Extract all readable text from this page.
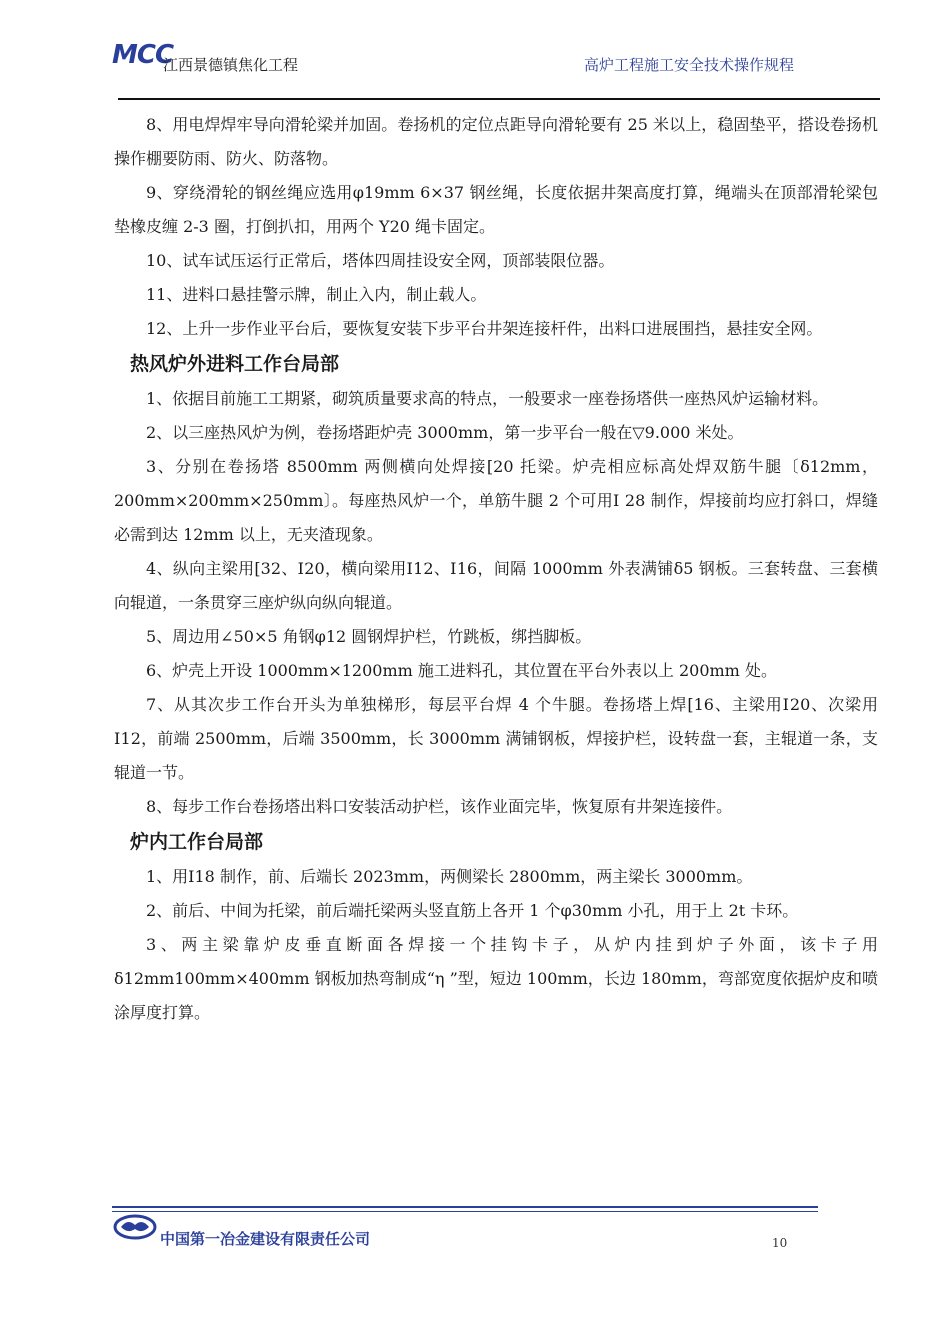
MCC
江西景德镇焦化工程	高炉工程施工安全技术操作规程

8、用电焊焊牢导向滑轮梁并加固。卷扬机的定位点距导向滑轮要有 25 米以上，稳固垫平，搭设卷扬机操作棚要防雨、防火、防落物。

9、穿绕滑轮的钢丝绳应选用φ19mm 6×37 钢丝绳，长度依据井架高度打算，绳端头在顶部滑轮梁包垫橡皮缠 2-3 圈，打倒扒扣，用两个 Y20 绳卡固定。

10、试车试压运行正常后，塔体四周挂设安全网，顶部装限位器。

11、进料口悬挂警示牌，制止入内，制止载人。

12、上升一步作业平台后，要恢复安装下步平台井架连接杆件，出料口进展围挡，悬挂安全网。

热风炉外进料工作台局部

1、依据目前施工工期紧，砌筑质量要求高的特点，一般要求一座卷扬塔供一座热风炉运输材料。

2、以三座热风炉为例，卷扬塔距炉壳 3000mm，第一步平台一般在▽9.000 米处。

3、分别在卷扬塔 8500mm 两侧横向处焊接[20 托梁。炉壳相应标高处焊双筋牛腿〔δ12mm，200mm×200mm×250mm〕。每座热风炉一个，单筋牛腿 2 个可用Ⅰ 28 制作，焊接前均应打斜口，焊缝必需到达 12mm 以上，无夹渣现象。

4、纵向主梁用[32、Ⅰ20，横向梁用Ⅰ12、Ⅰ16，间隔 1000mm 外表满铺δ5 钢板。三套转盘、三套横向辊道，一条贯穿三座炉纵向纵向辊道。

5、周边用∠50×5 角钢φ12 圆钢焊护栏，竹跳板，绑挡脚板。

6、炉壳上开设 1000mm×1200mm 施工进料孔，其位置在平台外表以上 200mm 处。

7、从其次步工作台开头为单独梯形，每层平台焊 4 个牛腿。卷扬塔上焊[16、主梁用Ⅰ20、次梁用Ⅰ12，前端 2500mm，后端 3500mm，长 3000mm 满铺钢板，焊接护栏，设转盘一套，主辊道一条，支辊道一节。

8、每步工作台卷扬塔出料口安装活动护栏，该作业面完毕，恢复原有井架连接件。

炉内工作台局部

1、用Ⅰ18 制作，前、后端长 2023mm，两侧梁长 2800mm，两主梁长 3000mm。

2、前后、中间为托梁，前后端托梁两头竖直筋上各开 1 个φ30mm 小孔，用于上 2t 卡环。

3、两主梁靠炉皮垂直断面各焊接一个挂钩卡子，从炉内挂到炉子外面，该卡子用 δ12mm100mm×400mm 钢板加热弯制成“η ”型，短边 100mm，长边 180mm，弯部宽度依据炉皮和喷涂厚度打算。

中国第一冶金建设有限责任公司	10
